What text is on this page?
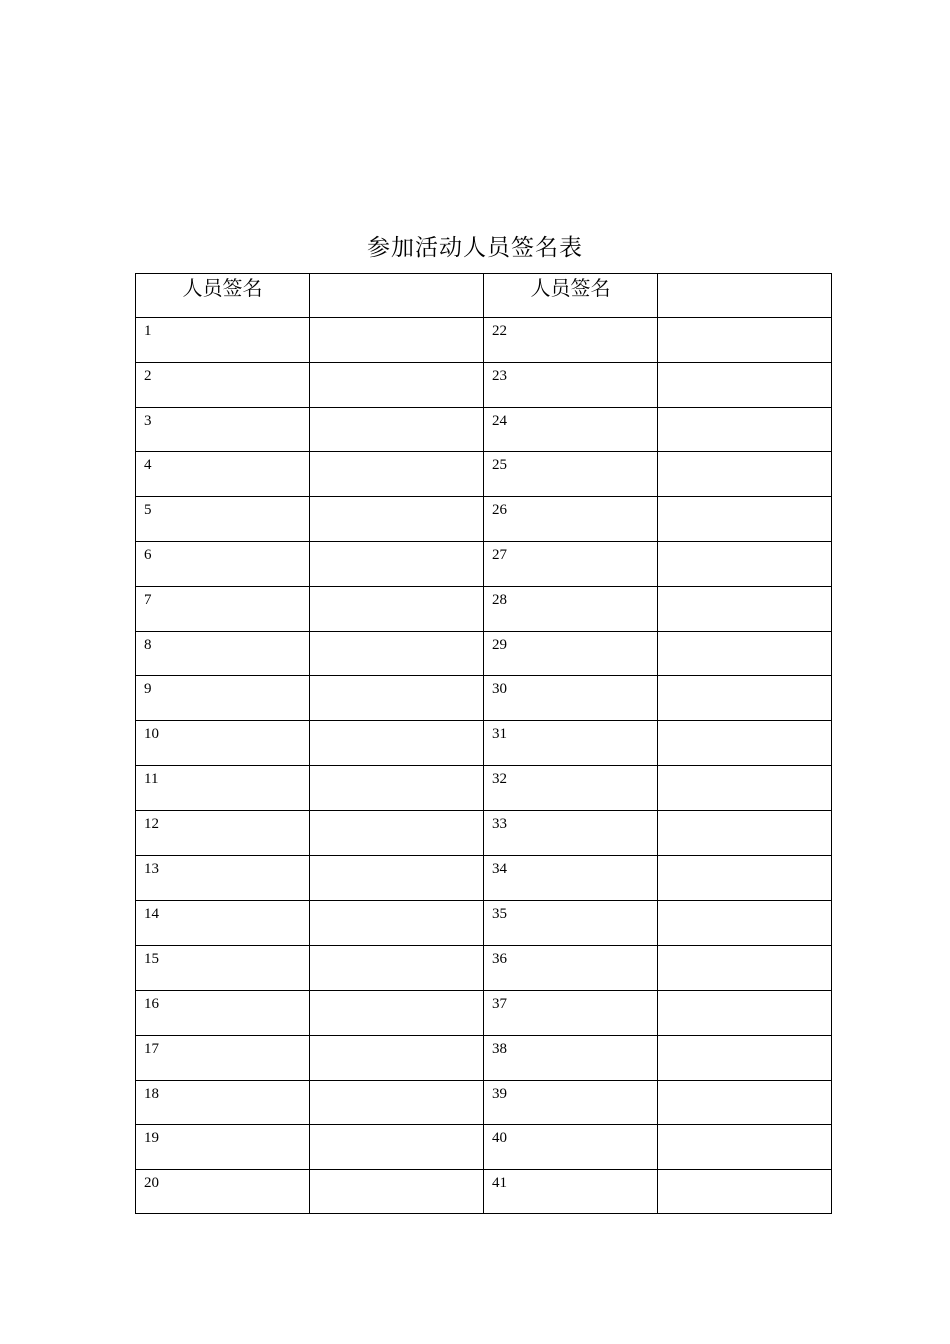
参加活动人员签名表
人员签名		人员签名	
1		22	
2		23	
3		24	
4		25	
5		26	
6		27	
7		28	
8		29	
9		30	
10		31	
11		32	
12		33	
13		34	
14		35	
15		36	
16		37	
17		38	
18		39	
19		40	
20		41	
